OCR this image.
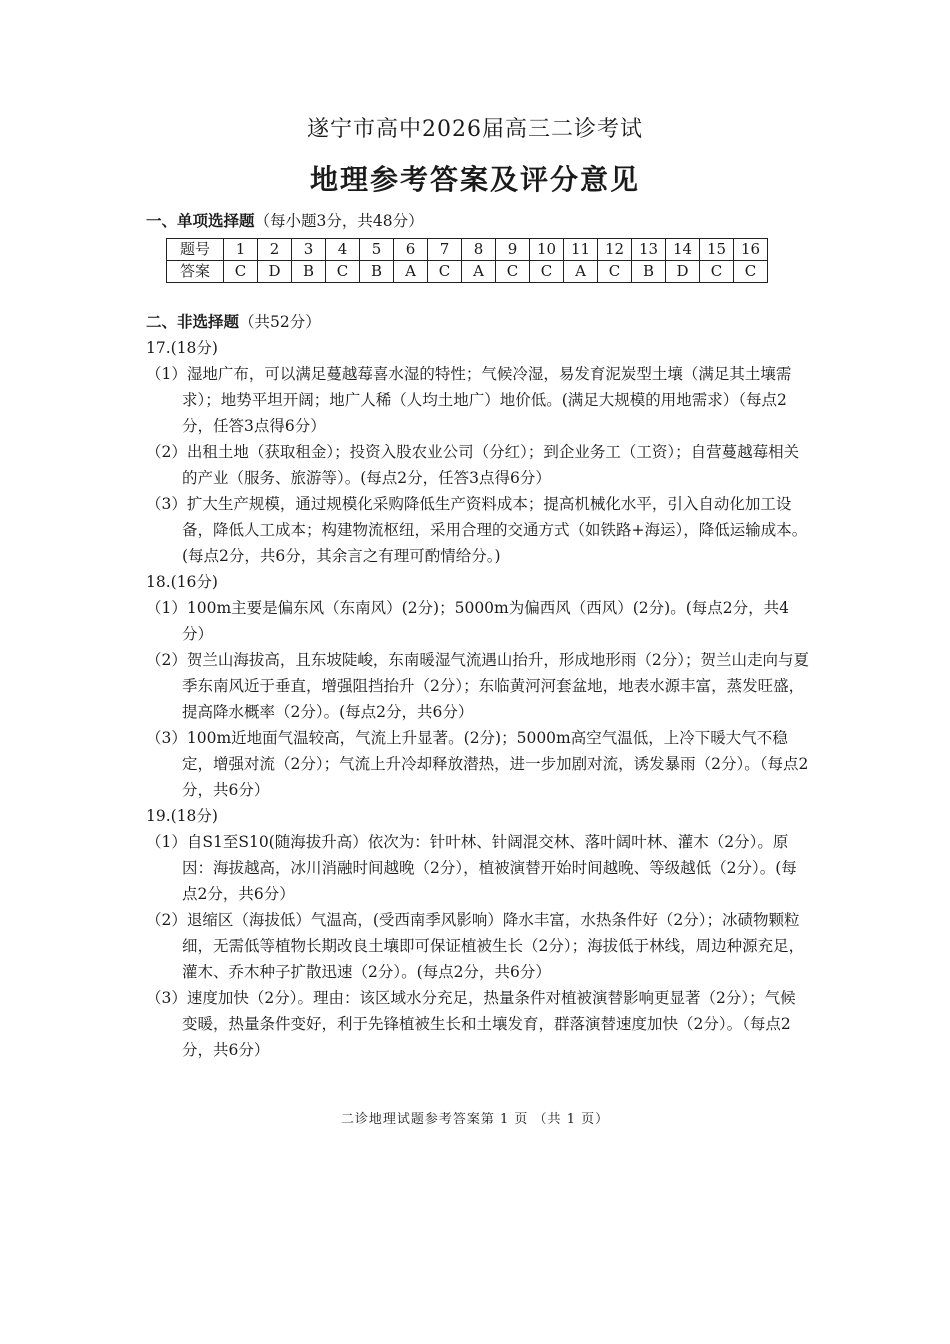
遂宁市高中2026届高三二诊考试
地理参考答案及评分意见

一、单项选择题（每小题3分，共48分）

题号	1	2	3	4	5	6	7	8	9	10	11	12	13	14	15	16
答案	C	D	B	C	B	A	C	A	C	C	A	C	B	D	C	C

二、非选择题（共52分）

17.(18分)

（1）湿地广布，可以满足蔓越莓喜水湿的特性；气候冷湿，易发育泥炭型土壤（满足其土壤需求）；地势平坦开阔；地广人稀（人均土地广）地价低。(满足大规模的用地需求）（每点2分，任答3点得6分）

（2）出租土地（获取租金）；投资入股农业公司（分红）；到企业务工（工资）；自营蔓越莓相关的产业（服务、旅游等）。(每点2分，任答3点得6分）

（3）扩大生产规模，通过规模化采购降低生产资料成本；提高机械化水平，引入自动化加工设备，降低人工成本；构建物流枢纽，采用合理的交通方式（如铁路+海运），降低运输成本。(每点2分，共6分，其余言之有理可酌情给分。)

18.(16分)

（1）100m主要是偏东风（东南风）(2分)；5000m为偏西风（西风）(2分)。(每点2分，共4分）

（2）贺兰山海拔高，且东坡陡峻，东南暖湿气流遇山抬升，形成地形雨（2分）；贺兰山走向与夏季东南风近于垂直，增强阻挡抬升（2分）；东临黄河河套盆地，地表水源丰富，蒸发旺盛，提高降水概率（2分）。(每点2分，共6分）

（3）100m近地面气温较高，气流上升显著。(2分)；5000m高空气温低，上冷下暖大气不稳定，增强对流（2分）；气流上升冷却释放潜热，进一步加剧对流，诱发暴雨（2分）。（每点2分，共6分）

19.(18分)

（1）自S1至S10(随海拔升高）依次为：针叶林、针阔混交林、落叶阔叶林、灌木（2分）。原因：海拔越高，冰川消融时间越晚（2分），植被演替开始时间越晚、等级越低（2分）。(每点2分，共6分）

（2）退缩区（海拔低）气温高，(受西南季风影响）降水丰富，水热条件好（2分）；冰碛物颗粒细，无需低等植物长期改良土壤即可保证植被生长（2分）；海拔低于林线，周边种源充足，灌木、乔木种子扩散迅速（2分）。(每点2分，共6分）

（3）速度加快（2分）。理由：该区域水分充足，热量条件对植被演替影响更显著（2分）；气候变暖，热量条件变好，利于先锋植被生长和土壤发育，群落演替速度加快（2分）。（每点2分，共6分）

二诊地理试题参考答案第 1 页 （共 1 页）
